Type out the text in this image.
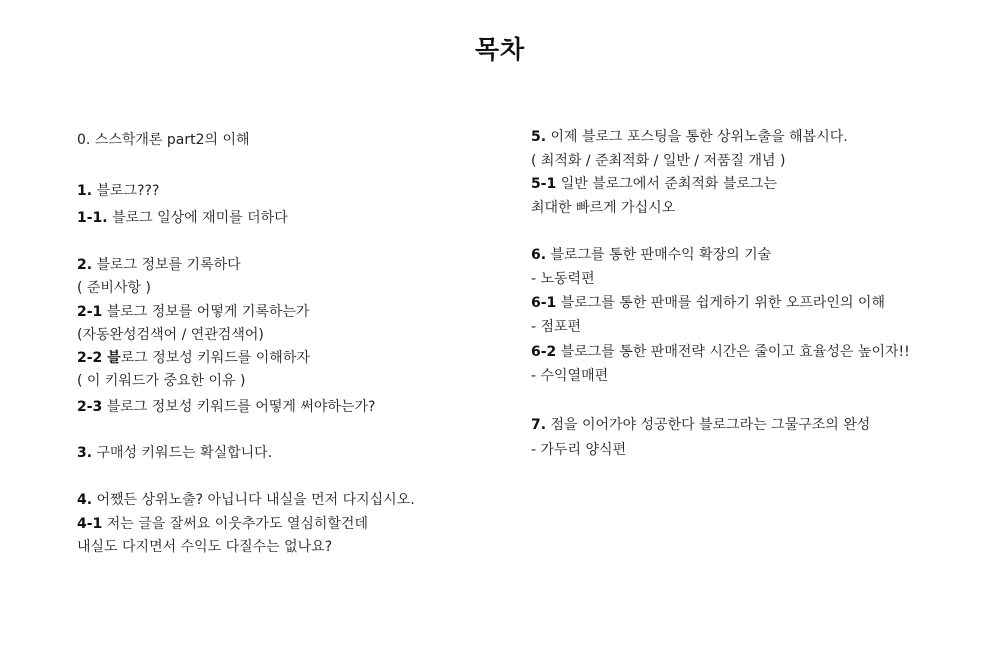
목차
0. 스스학개론 part2의 이해
1. 블로그???
1-1. 블로그 일상에 재미를 더하다
2. 블로그 정보를 기록하다
( 준비사항 )
2-1 블로그 정보를 어떻게 기록하는가
(자동완성검색어 / 연관검색어)
2-2 블로그 정보성 키워드를 이해하자
( 이 키워드가 중요한 이유 )
2-3 블로그 정보성 키워드를 어떻게 써야하는가?
3. 구매성 키워드는 확실합니다.
4. 어쨌든 상위노출? 아닙니다 내실을 먼저 다지십시오.
4-1 저는 글을 잘써요 이웃추가도 열심히할건데
내실도 다지면서 수익도 다질수는 없나요?
5. 이제 블로그 포스팅을 통한 상위노출을 해봅시다.
( 최적화 / 준최적화 / 일반 / 저품질 개념 )
5-1 일반 블로그에서 준최적화 블로그는
최대한 빠르게 가십시오
6. 블로그를 통한 판매수익 확장의 기술
- 노동력편
6-1 블로그를 통한 판매를 쉽게하기 위한 오프라인의 이해
- 점포편
6-2 블로그를 통한 판매전략 시간은 줄이고 효율성은 높이자!!
- 수익열매편
7. 점을 이어가야 성공한다 블로그라는 그물구조의 완성
- 가두리 양식편
